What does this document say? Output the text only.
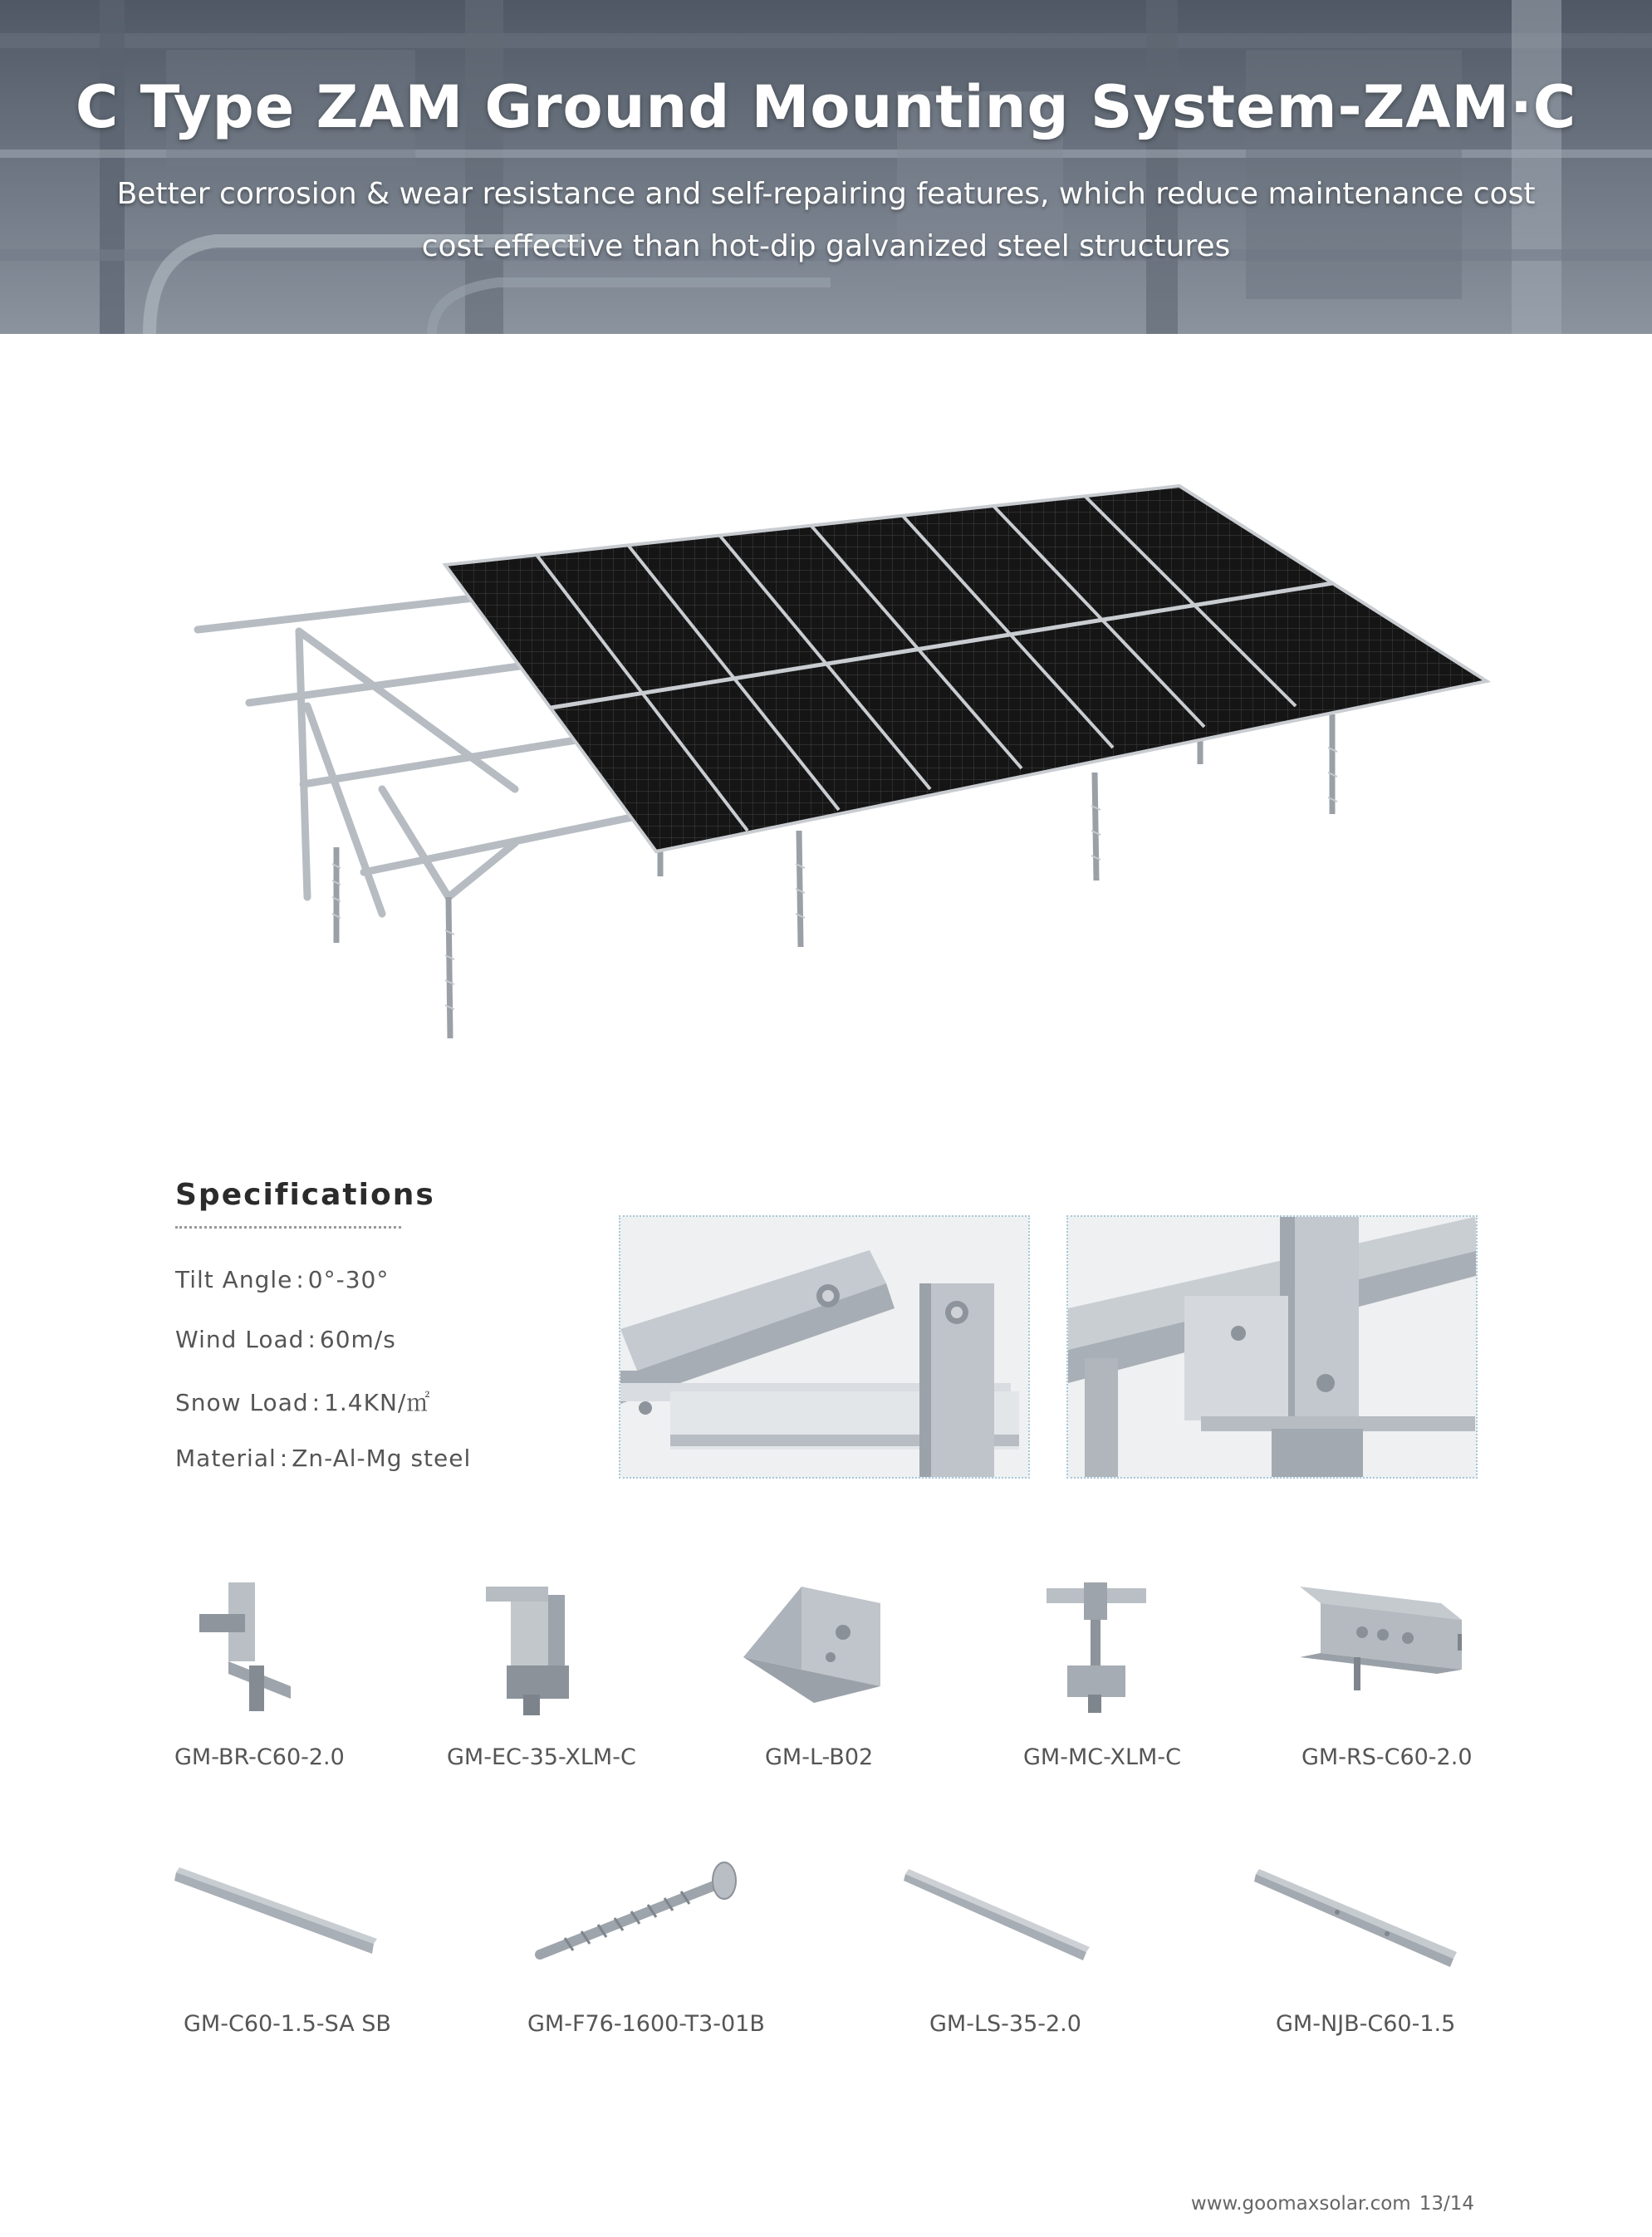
C Type ZAM Ground Mounting System-ZAM·C
Better corrosion & wear resistance and self-repairing features, which reduce maintenance cost
cost effective than hot-dip galvanized steel structures
Specifications
Tilt Angle : 0°-30°
Wind Load : 60m/s
Snow Load : 1.4KN/㎡
Material : Zn-Al-Mg steel
GM-BR-C60-2.0	GM-EC-35-XLM-C	GM-L-B02	GM-MC-XLM-C	GM-RS-C60-2.0
GM-C60-1.5-SA SB	GM-F76-1600-T3-01B	GM-LS-35-2.0	GM-NJB-C60-1.5
www.goomaxsolar.com 13/14
